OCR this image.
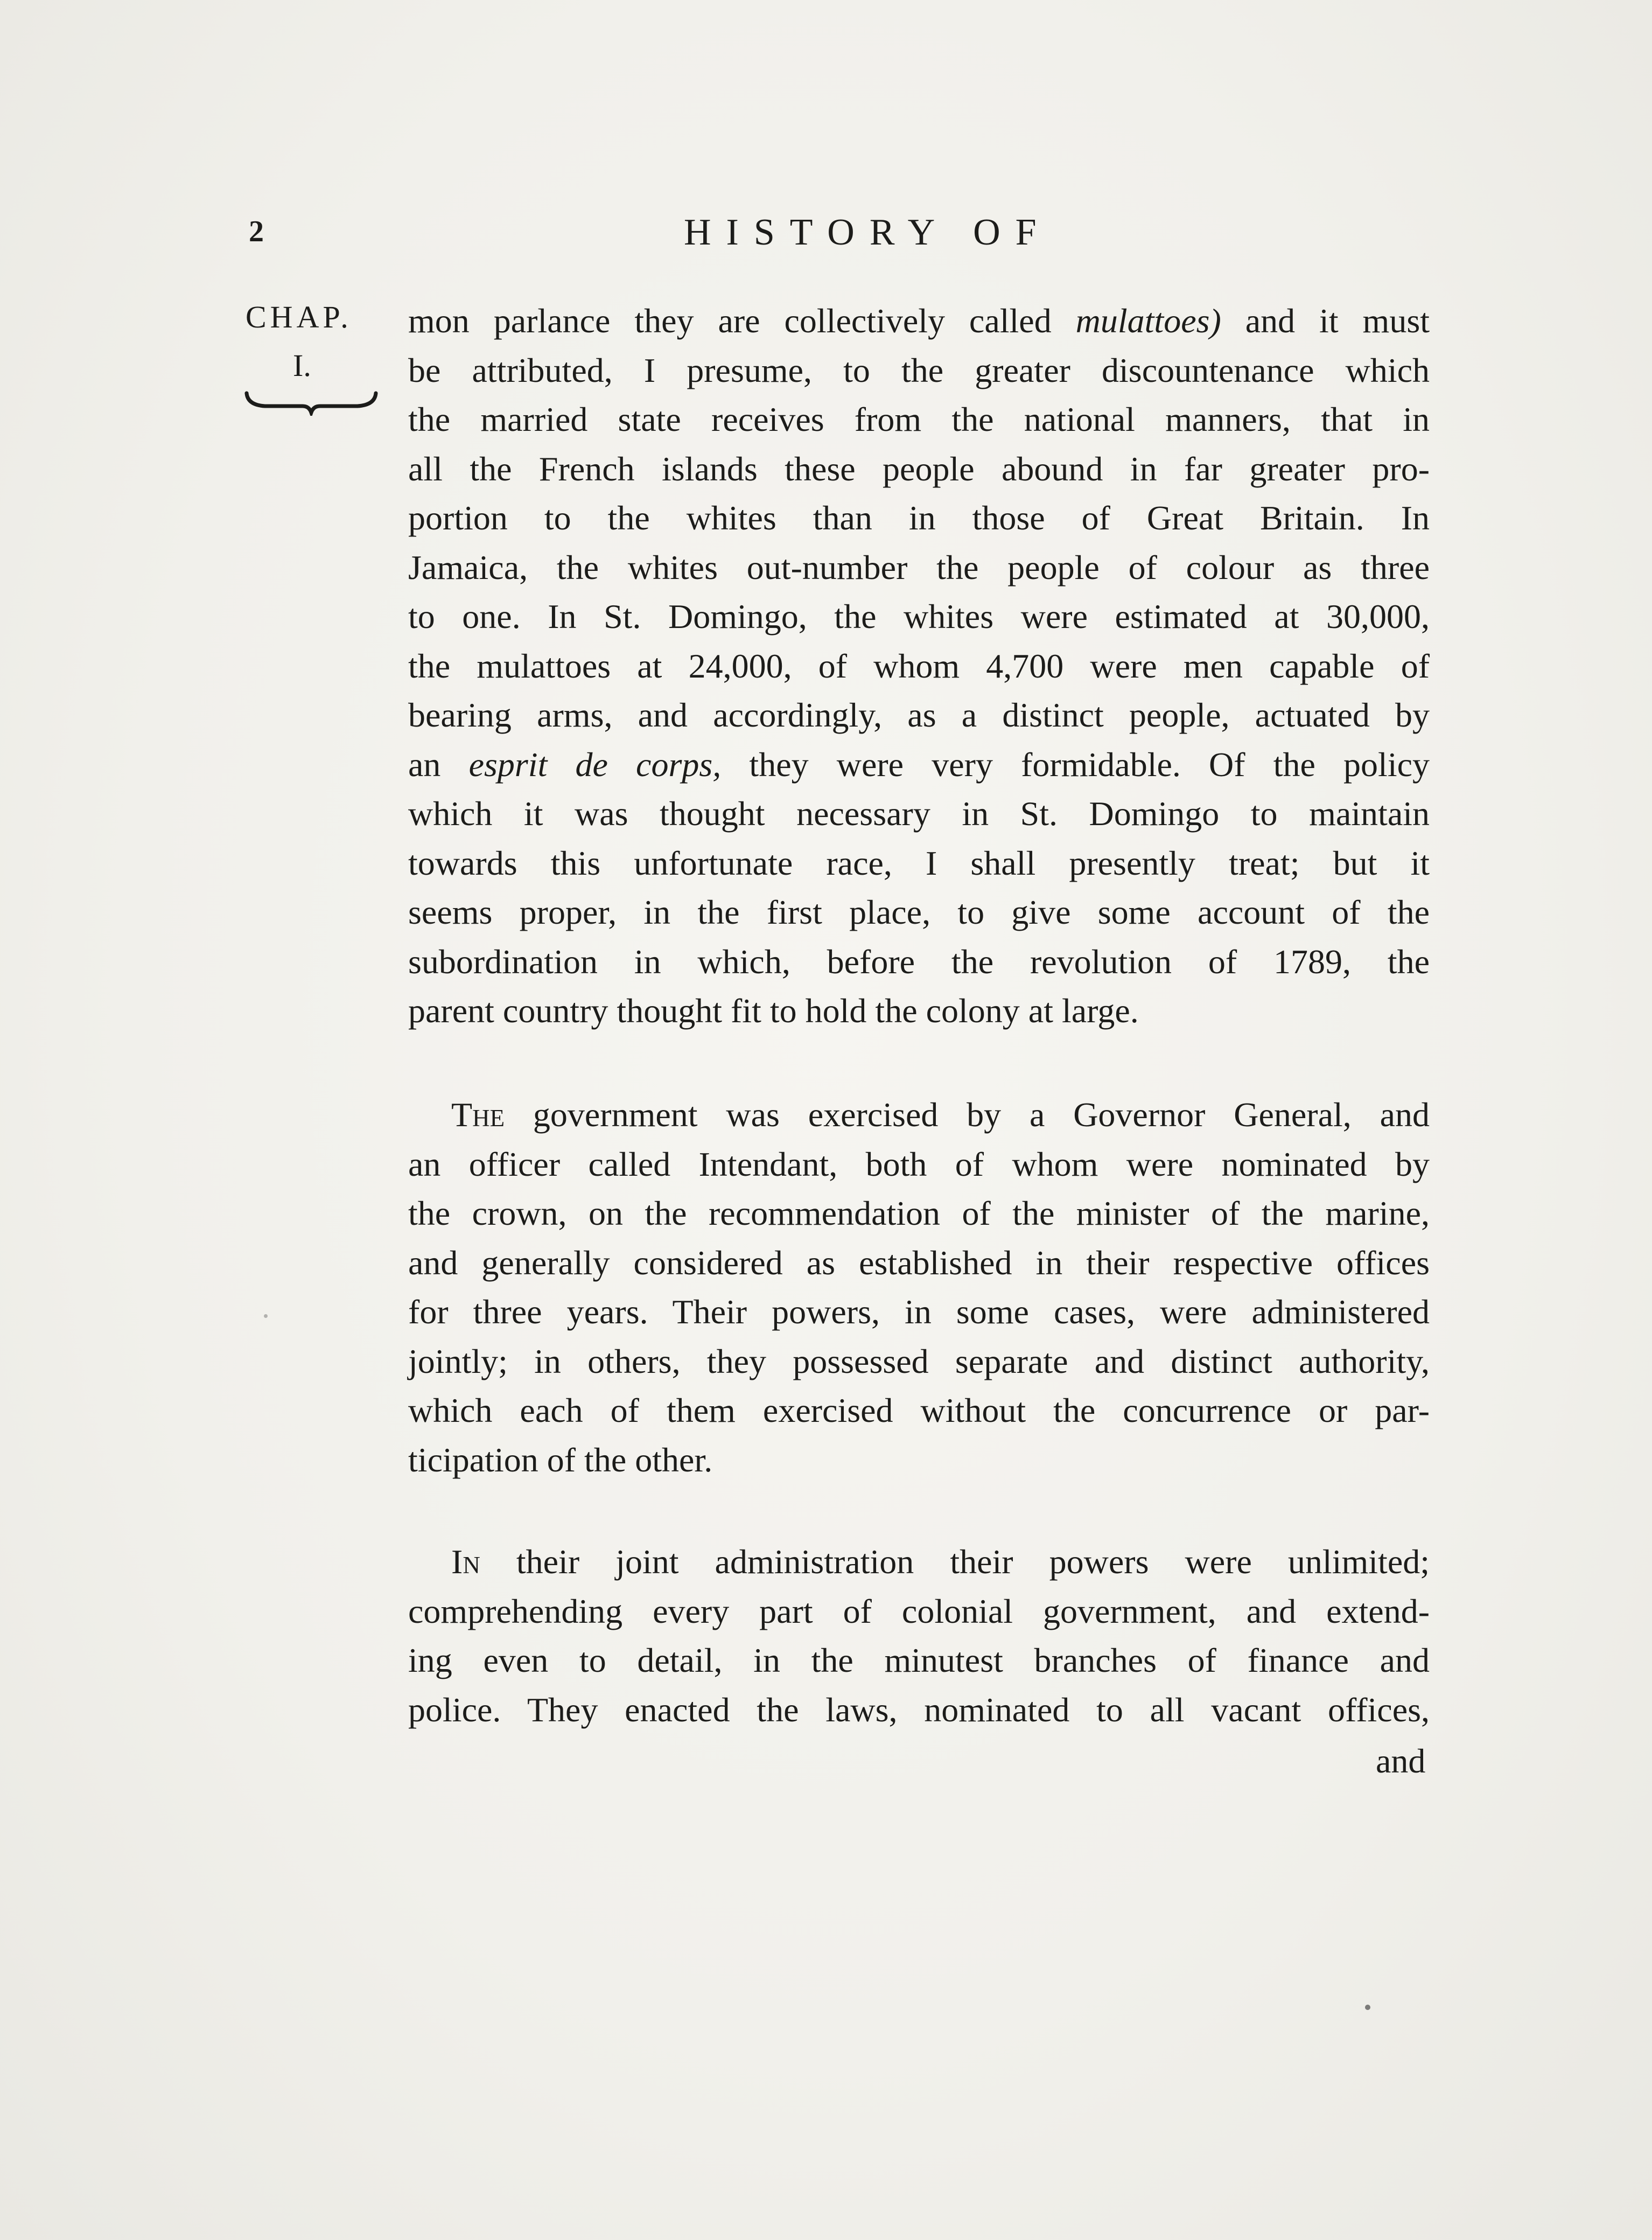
2	HISTORY OF
CHAP.
I.
and
mon parlance they are collectively called mulattoes) and it must
be attributed, I presume, to the greater discountenance which
the married state receives from the national manners, that in
all the French islands these people abound in far greater pro-
portion to the whites than in those of Great Britain. In
Jamaica, the whites out-number the people of colour as three
to one. In St. Domingo, the whites were estimated at 30,000,
the mulattoes at 24,000, of whom 4,700 were men capable of
bearing arms, and accordingly, as a distinct people, actuated by
an esprit de corps, they were very formidable. Of the policy
which it was thought necessary in St. Domingo to maintain
towards this unfortunate race, I shall presently treat; but it
seems proper, in the first place, to give some account of the
subordination in which, before the revolution of 1789, the
parent country thought fit to hold the colony at large.
The government was exercised by a Governor General, and
an officer called Intendant, both of whom were nominated by
the crown, on the recommendation of the minister of the marine,
and generally considered as established in their respective offices
for three years. Their powers, in some cases, were administered
jointly; in others, they possessed separate and distinct authority,
which each of them exercised without the concurrence or par-
ticipation of the other.
In their joint administration their powers were unlimited;
comprehending every part of colonial government, and extend-
ing even to detail, in the minutest branches of finance and
police. They enacted the laws, nominated to all vacant offices,
